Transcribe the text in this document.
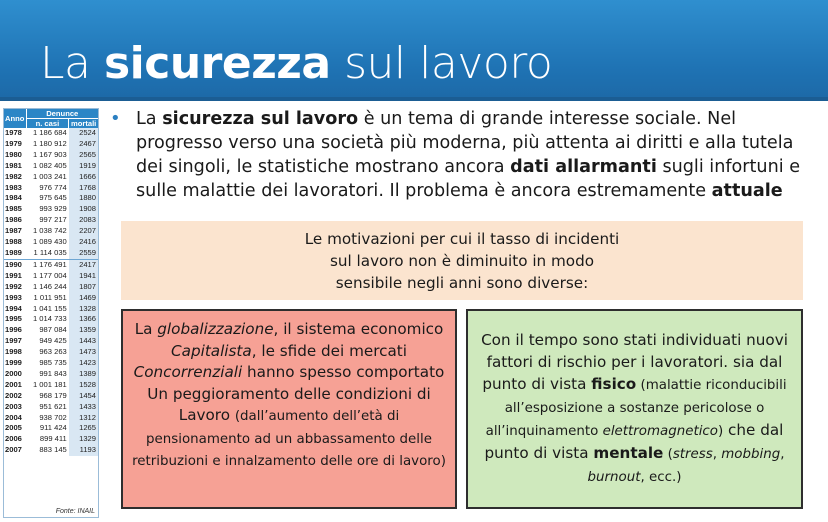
La sicurezza sul lavoro
Anno	Denunce	
	n. casi	mortali
1978	1 186 684	2524
1979	1 180 912	2467
1980	1 167 903	2565
1981	1 082 405	1919
1982	1 003 241	1666
1983	976 774	1768
1984	975 645	1880
1985	993 929	1908
1986	997 217	2083
1987	1 038 742	2207
1988	1 089 430	2416
1989	1 114 035	2559
1990	1 176 491	2417
1991	1 177 004	1941
1992	1 146 244	1807
1993	1 011 951	1469
1994	1 041 155	1328
1995	1 014 733	1366
1996	987 084	1359
1997	949 425	1443
1998	963 263	1473
1999	985 735	1423
2000	991 843	1389
2001	1 001 181	1528
2002	968 179	1454
2003	951 621	1433
2004	938 702	1312
2005	911 424	1265
2006	899 411	1329
2007	883 145	1193
Fonte: INAIL
• La sicurezza sul lavoro è un tema di grande interesse sociale. Nel progresso verso una società più moderna, più attenta ai diritti e alla tutela dei singoli, le statistiche mostrano ancora dati allarmanti sugli infortuni e sulle malattie dei lavoratori. Il problema è ancora estremamente attuale
Le motivazioni per cui il tasso di incidenti
sul lavoro non è diminuito in modo
sensibile negli anni sono diverse:
La globalizzazione, il sistema economico Capitalista, le sfide dei mercati Concorrenziali hanno spesso comportato Un peggioramento delle condizioni di Lavoro (dall’aumento dell’età di pensionamento ad un abbassamento delle retribuzioni e innalzamento delle ore di lavoro)
Con il tempo sono stati individuati nuovi fattori di rischio per i lavoratori. sia dal punto di vista fisico (malattie riconducibili all’esposizione a sostanze pericolose o all’inquinamento elettromagnetico) che dal punto di vista mentale (stress, mobbing, burnout, ecc.)
